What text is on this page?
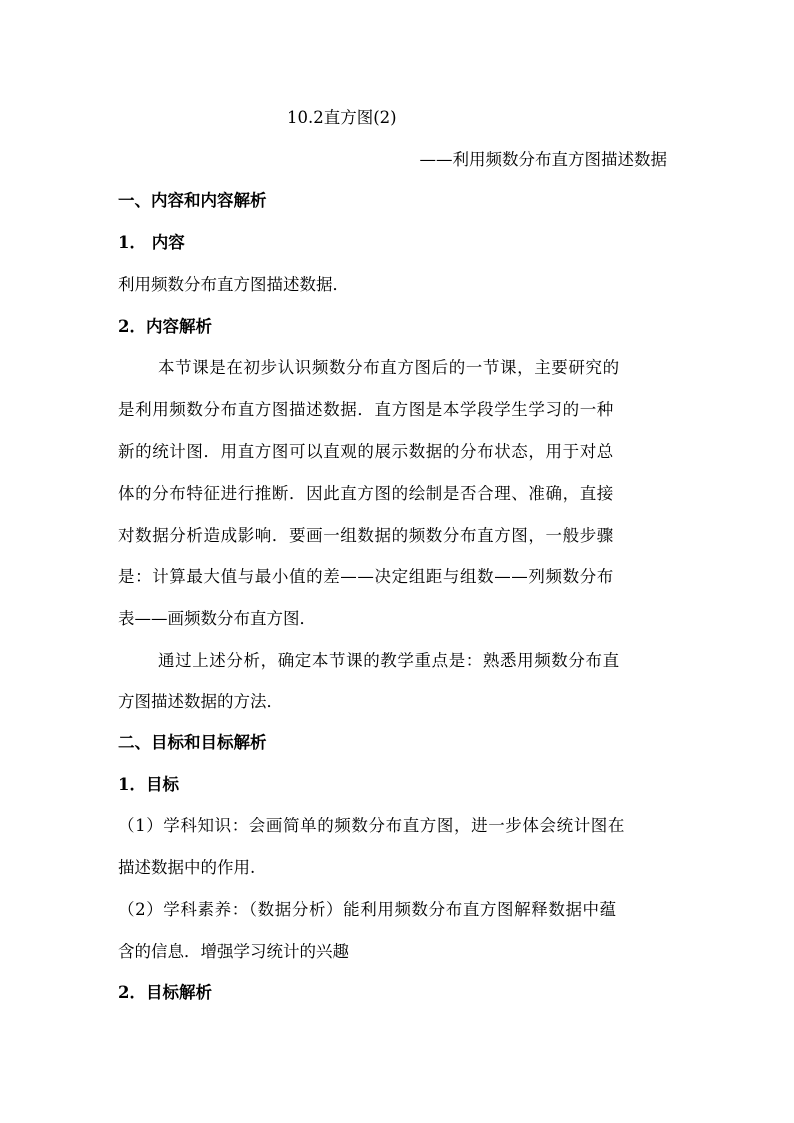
10.2直方图(2)

——利用频数分布直方图描述数据

一、内容和内容解析

1． 内容

利用频数分布直方图描述数据．

2．内容解析

本节课是在初步认识频数分布直方图后的一节课，主要研究的

是利用频数分布直方图描述数据．直方图是本学段学生学习的一种

新的统计图．用直方图可以直观的展示数据的分布状态，用于对总

体的分布特征进行推断．因此直方图的绘制是否合理、准确，直接

对数据分析造成影响．要画一组数据的频数分布直方图，一般步骤

是：计算最大值与最小值的差——决定组距与组数——列频数分布

表——画频数分布直方图．

通过上述分析，确定本节课的教学重点是：熟悉用频数分布直

方图描述数据的方法．

二、目标和目标解析

1．目标

（1）学科知识：会画简单的频数分布直方图，进一步体会统计图在

描述数据中的作用.

（2）学科素养：（数据分析）能利用频数分布直方图解释数据中蕴

含的信息．增强学习统计的兴趣

2．目标解析
